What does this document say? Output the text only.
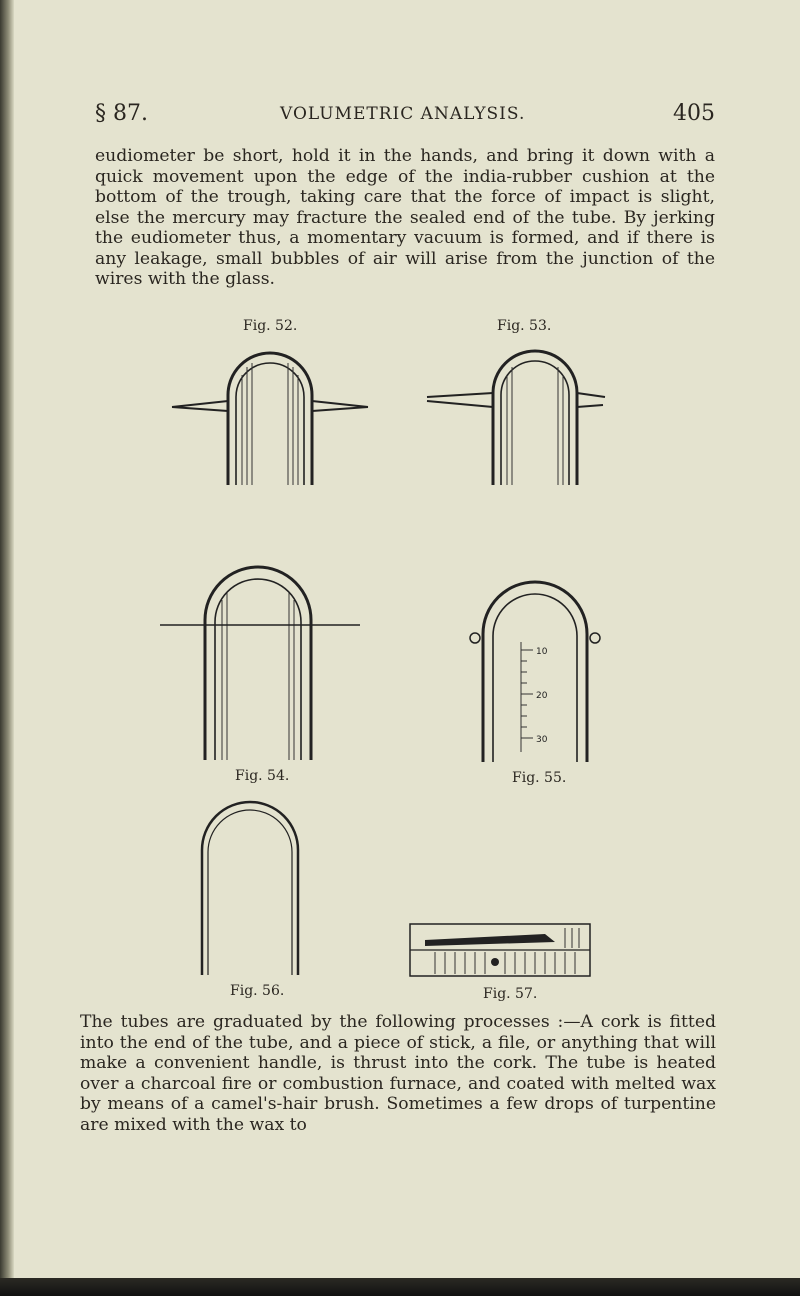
§ 87.	VOLUMETRIC ANALYSIS.	405

eudiometer be short, hold it in the hands, and bring it down with a quick movement upon the edge of the india-rubber cushion at the bottom of the trough, taking care that the force of impact is slight, else the mercury may fracture the sealed end of the tube. By jerking the eudiometer thus, a momentary vacuum is formed, and if there is any leakage, small bubbles of air will arise from the junction of the wires with the glass.

Fig. 52.	Fig. 53.
Fig. 54.
10
20
30
Fig. 55.
Fig. 56.	Fig. 57.

The tubes are graduated by the following processes :—A cork is fitted into the end of the tube, and a piece of stick, a file, or anything that will make a convenient handle, is thrust into the cork. The tube is heated over a charcoal fire or combustion furnace, and coated with melted wax by means of a camel's-hair brush. Sometimes a few drops of turpentine are mixed with the wax to
